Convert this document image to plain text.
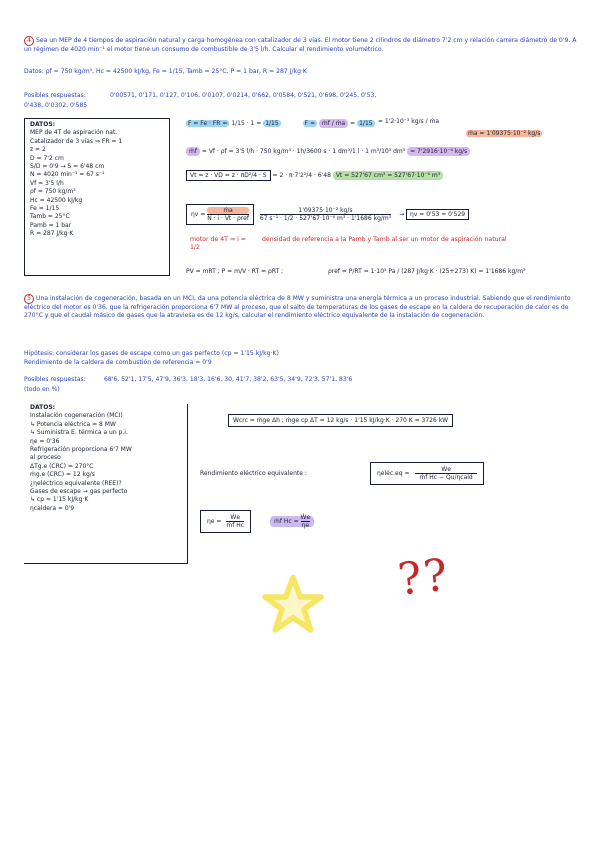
4 Sea un MEP de 4 tiempos de aspiración natural y carga homogénea con catalizador de 3 vías. El motor tiene 2 cilindros de diámetro 7'2 cm y relación carrera diámetro de 0'9. A un régimen de 4020 min⁻¹ el motor tiene un consumo de combustible de 3'5 l/h. Calcular el rendimiento volumétrico.
Datos: ρf = 750 kg/m³, Hc = 42500 kJ/kg, Fe = 1/15, Tamb = 25°C, P = 1 bar, R = 287 J/kg·K
Posibles respuestas:	0'00571, 0'171, 0'127, 0'106, 0'0107, 0'0214, 0'662, 0'0584, 0'521, 0'698, 0'245, 0'53,
0'438, 0'0302, 0'585
DATOS:
MEP de 4T de aspiración nat.
Catalizador de 3 vías ⇒ FR = 1
z = 2
D = 7'2 cm
S/D = 0'9 → S = 6'48 cm
N = 4020 min⁻¹ = 67 s⁻¹
Vf = 3'5 l/h
ρf = 750 kg/m³
Hc = 42500 kJ/kg
Fe = 1/15
Tamb = 25°C
Pamb = 1 bar
R = 287 J/kg·K
F = Fe · FR = 1/15 · 1 = 1/15	F = ṁf / ṁa = 1/15 = 1'2·10⁻³ kg/s / ṁa
ṁa = 1'09375·10⁻² kg/s
ṁf = Vf · ρf = 3'5 l/h · 750 kg/m³ · 1h/3600 s · 1 dm³/1 l · 1 m³/10³ dm³ = 7'2916·10⁻⁴ kg/s
Vt = z · VD = z · πD²/4 · S = 2 · π·7'2²/4 · 6'48 Vt = 527'67 cm³ = 527'67·10⁻⁶ m³
ηv =
ṁa
N · i · Vt · ρref
$\frac{\text{1'09375·10⁻² kg/s}}{\text{67 s⁻¹ · 1/2 · 527'67·10⁻⁶ m³ · 1'1686 kg/m³}} \to \eta v = 0'53 \approx 0'529$
motor de 4T ⇒ i = 1/2
densidad de referencia a la Pamb y Tamb al ser un motor de aspiración natural
PV = mRT ; P = m/V · RT = ρRT ;	ρref = P/RT = 1·10⁵ Pa / (287 J/kg·K · (25+273) K) = 1'1686 kg/m³
5 Una instalación de cogeneración, basada en un MCI, da una potencia eléctrica de 8 MW y suministra una energía térmica a un proceso industrial. Sabiendo que el rendimiento eléctrico del motor es 0'36, que la refrigeración proporciona 6'7 MW al proceso, que el salto de temperaturas de los gases de escape en la caldera de recuperación de calor es de 270°C y que el caudal másico de gases que la atraviesa es de 12 kg/s, calcular el rendimiento eléctrico equivalente de la instalación de cogeneración.
Hipótesis: considerar los gases de escape como un gas perfecto (cp = 1'15 kJ/kg·K)
Rendimiento de la caldera de combustión de referencia = 0'9
Posibles respuestas:	68'6, 52'1, 17'5, 47'9, 36'3, 18'3, 16'6, 30, 41'7, 38'2, 63'5, 34'9, 72'3, 57'1, 83'6
(todo en %)
DATOS:
Instalación cogeneración (MCI)
↳ Potencia eléctrica = 8 MW
↳ Suministra E. térmica a un p.i.
ηe = 0'36
Refrigeración proporciona 6'7 MW
al proceso
ΔTg.e (CRC) = 270°C
ṁg.e (CRC) = 12 kg/s
¿ηeléctrico equivalente (REE)?
Gases de escape → gas perfecto
↳ cp = 1'15 kJ/kg·K
ηcaldera = 0'9
Ẇcrc = ṁge Δh ; ṁge cp ΔT = 12 kg/s · 1'15 kJ/kg·K · 270 K = 3726 kW
Rendimiento eléctrico equivalente :	ηeléc.eq =
Ẇe
ṁf Hc − Qu/ηcald
$\eta e = \frac{\text{Ẇe}}{\text{ṁf Hc}}$	ṁf $Hc = \frac{\text{Ẇe}}{\eta e}$
??
